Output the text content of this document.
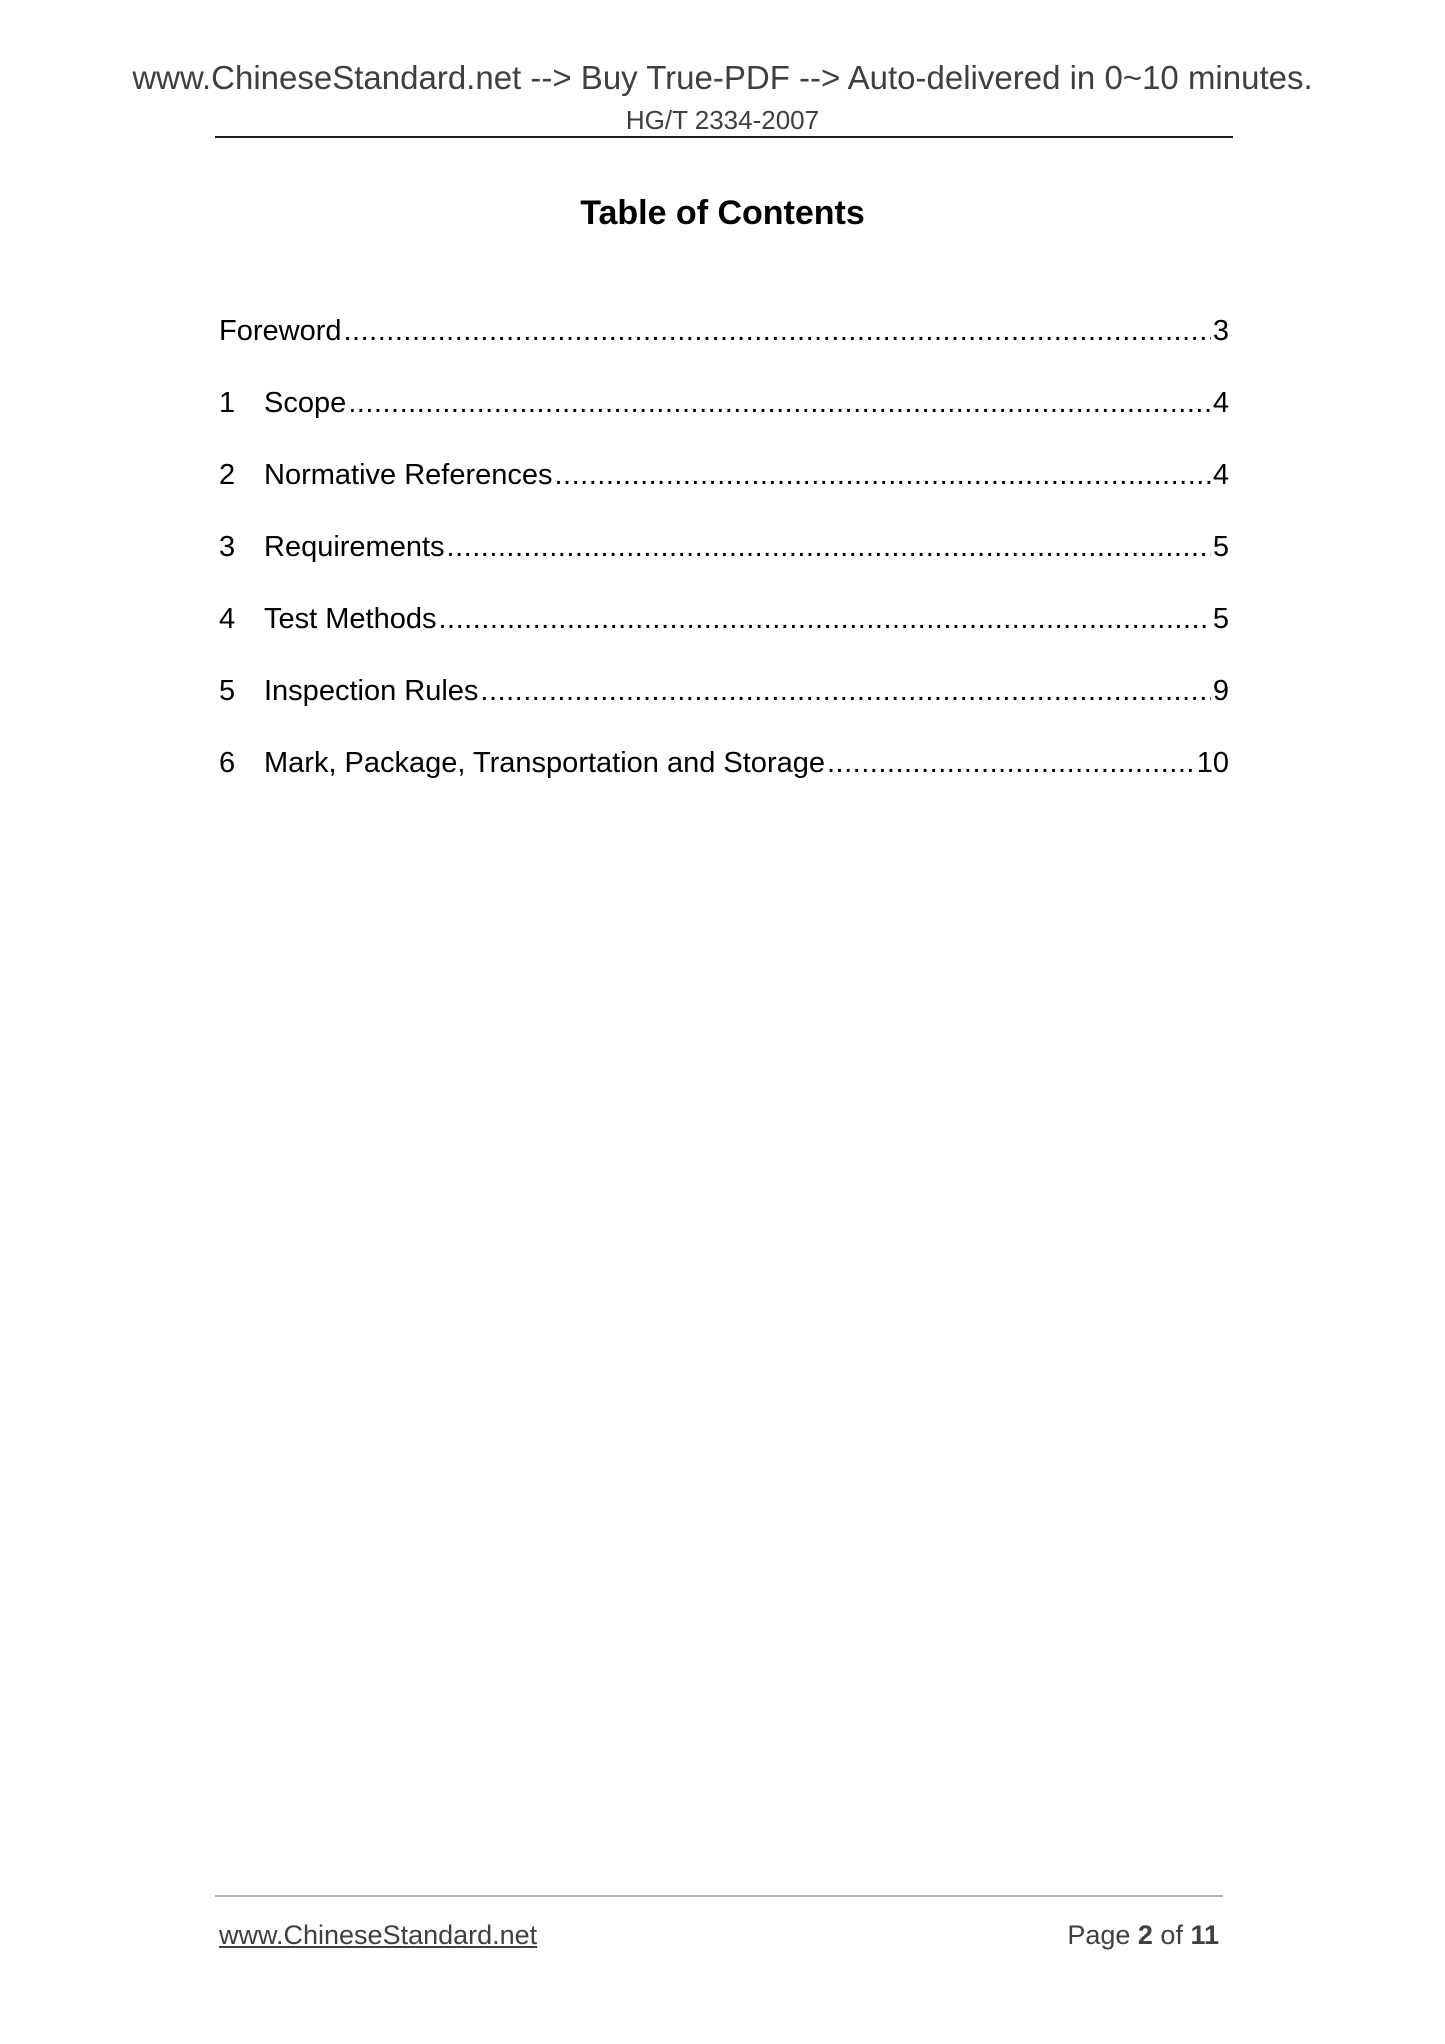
www.ChineseStandard.net --> Buy True-PDF --> Auto-delivered in 0~10 minutes.
HG/T 2334-2007
Table of Contents
Foreword .....	3
1 Scope .....	4
2 Normative References .....	4
3 Requirements .....	5
4 Test Methods .....	5
5 Inspection Rules .....	9
6 Mark, Package, Transportation and Storage .....	10
www.ChineseStandard.net	Page 2 of 11
